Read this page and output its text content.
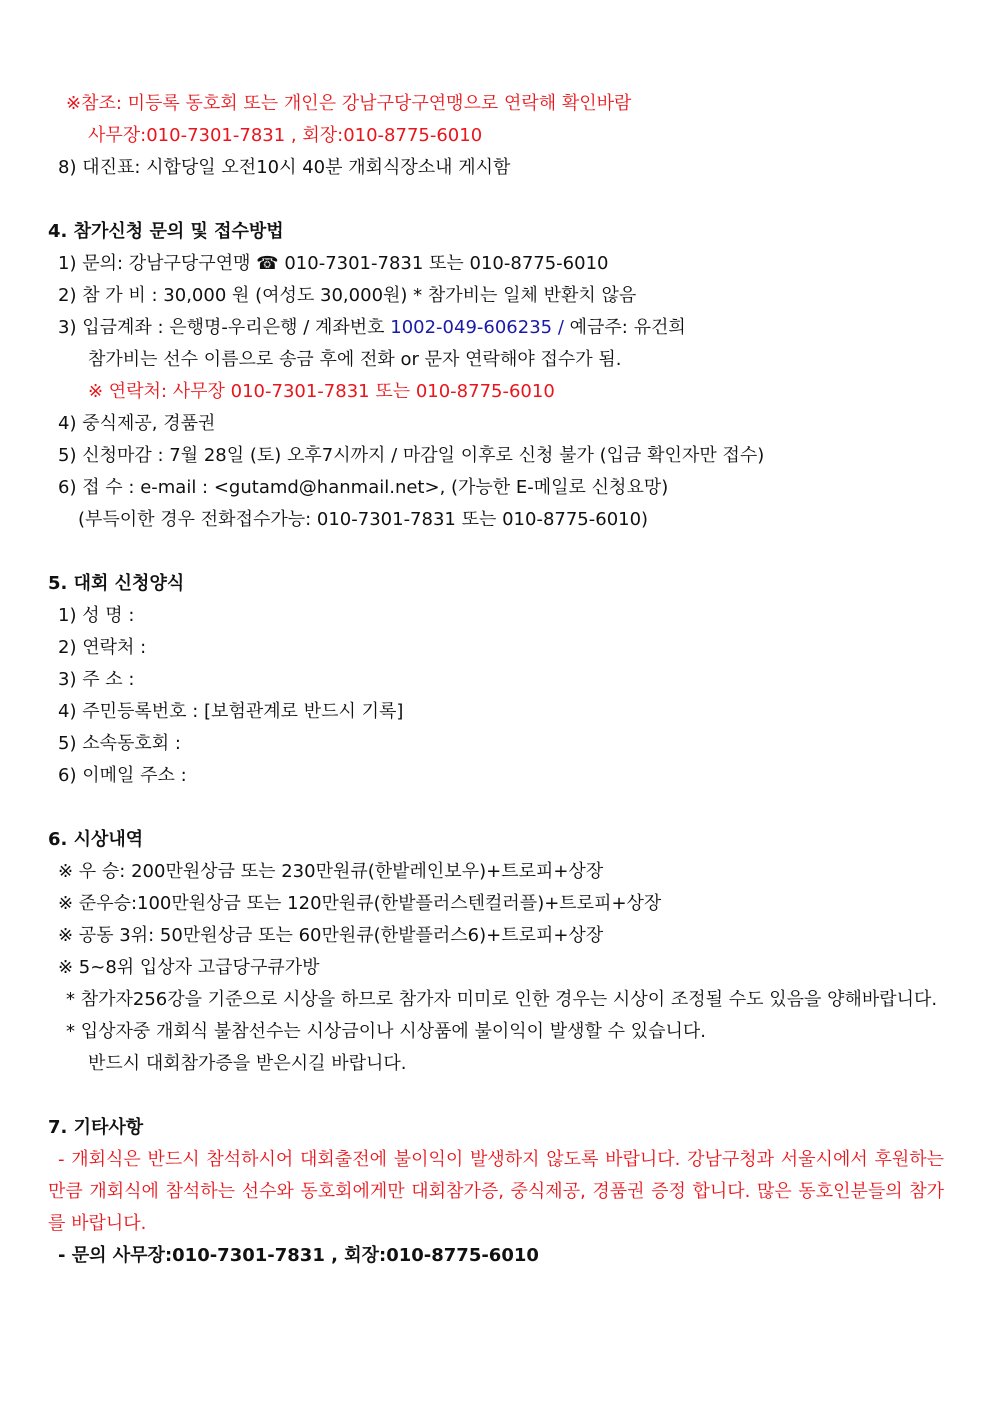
※참조: 미등록 동호회 또는 개인은 강남구당구연맹으로 연락해 확인바람
사무장:010-7301-7831 , 회장:010-8775-6010
8) 대진표: 시합당일 오전10시 40분 개회식장소내 게시함
4. 참가신청 문의 및 접수방법
1) 문의: 강남구당구연맹 ☎ 010-7301-7831 또는 010-8775-6010
2) 참 가 비 : 30,000 원 (여성도 30,000원) * 참가비는 일체 반환치 않음
3) 입금계좌 : 은행명-우리은행 / 계좌번호 1002-049-606235 / 예금주: 유건희
참가비는 선수 이름으로 송금 후에 전화 or 문자 연락해야 접수가 됨.
※ 연락처: 사무장 010-7301-7831 또는 010-8775-6010
4) 중식제공, 경품권
5) 신청마감 : 7월 28일 (토) 오후7시까지 / 마감일 이후로 신청 불가 (입금 확인자만 접수)
6) 접 수 : e-mail : <gutamd@hanmail.net>, (가능한 E-메일로 신청요망)
(부득이한 경우 전화접수가능: 010-7301-7831 또는 010-8775-6010)
5. 대회 신청양식
1) 성 명 :
2) 연락처 :
3) 주 소 :
4) 주민등록번호 : [보험관계로 반드시 기록]
5) 소속동호회 :
6) 이메일 주소 :
6. 시상내역
※ 우 승: 200만원상금 또는 230만원큐(한밭레인보우)+트로피+상장
※ 준우승:100만원상금 또는 120만원큐(한밭플러스텐컬러플)+트로피+상장
※ 공동 3위: 50만원상금 또는 60만원큐(한밭플러스6)+트로피+상장
※ 5~8위 입상자 고급당구큐가방
* 참가자256강을 기준으로 시상을 하므로 참가자 미미로 인한 경우는 시상이 조정될 수도 있음을 양해바랍니다.
* 입상자중 개회식 불참선수는 시상금이나 시상품에 불이익이 발생할 수 있습니다.
반드시 대회참가증을 받은시길 바랍니다.
7. 기타사항
- 개회식은 반드시 참석하시어 대회출전에 불이익이 발생하지 않도록 바랍니다. 강남구청과 서울시에서 후원하는 만큼 개회식에 참석하는 선수와 동호회에게만 대회참가증, 중식제공, 경품권 증정 합니다. 많은 동호인분들의 참가를 바랍니다.
- 문의 사무장:010-7301-7831 , 회장:010-8775-6010
